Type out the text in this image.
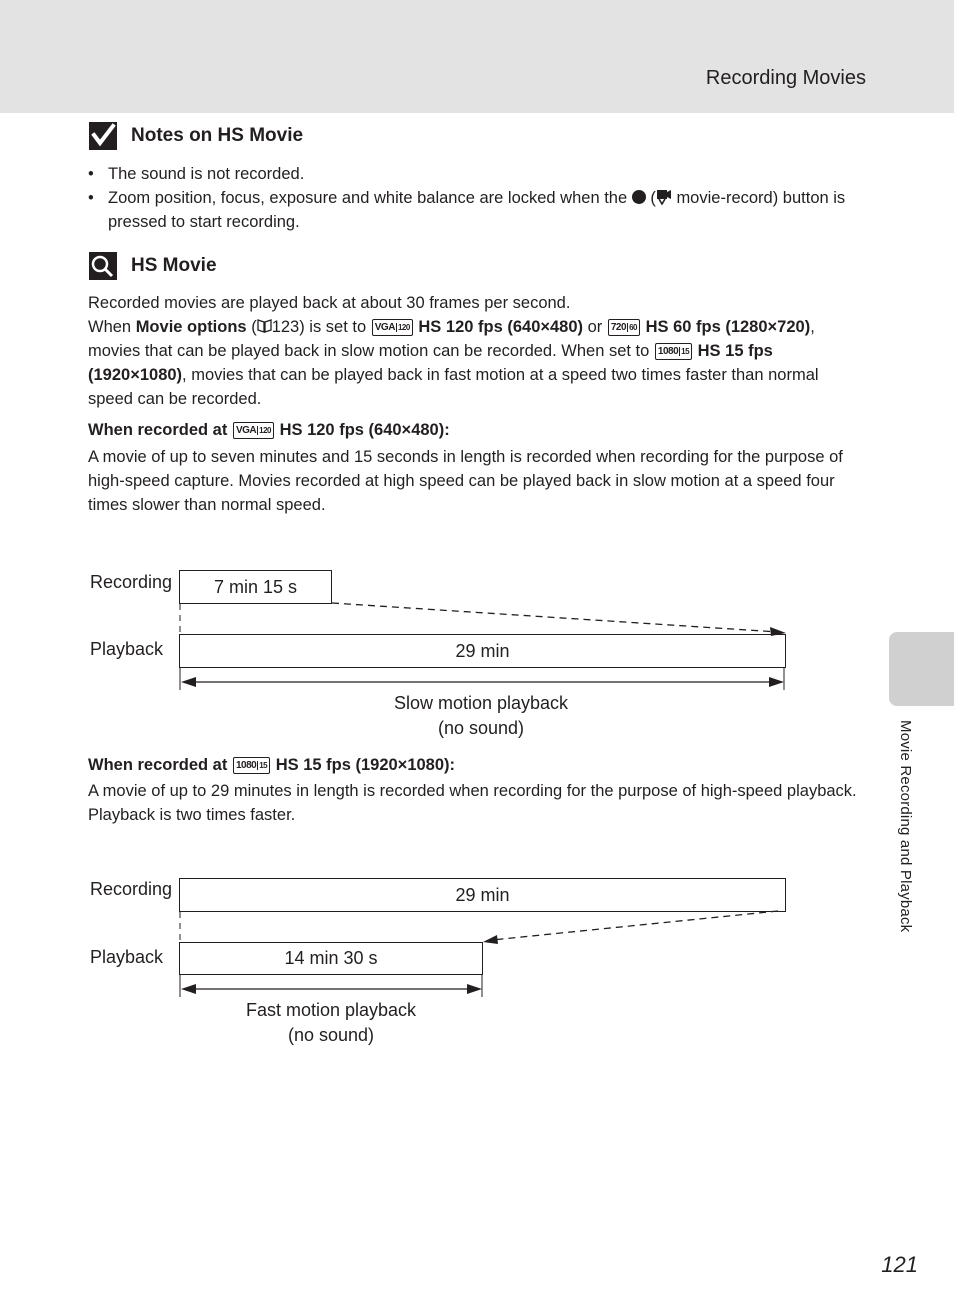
Recording Movies
Movie Recording and Playback
Notes on HS Movie
• The sound is not recorded.
• Zoom position, focus, exposure and white balance are locked when the ( movie-record) button is pressed to start recording.
HS Movie
Recorded movies are played back at about 30 frames per second.
When Movie options ( 123) is set to VGA 120 HS 120 fps (640×480) or 720 60 HS 60 fps (1280×720), movies that can be played back in slow motion can be recorded. When set to 1080 15 HS 15 fps (1920×1080), movies that can be played back in fast motion at a speed two times faster than normal speed can be recorded.
When recorded at VGA 120 HS 120 fps (640×480):
A movie of up to seven minutes and 15 seconds in length is recorded when recording for the purpose of high-speed capture. Movies recorded at high speed can be played back in slow motion at a speed four times slower than normal speed.
Recording
Playback
7 min 15 s
29 min
Slow motion playback
(no sound)
When recorded at 1080 15 HS 15 fps (1920×1080):
A movie of up to 29 minutes in length is recorded when recording for the purpose of high-speed playback. Playback is two times faster.
Recording
Playback
29 min
14 min 30 s
Fast motion playback
(no sound)
121
